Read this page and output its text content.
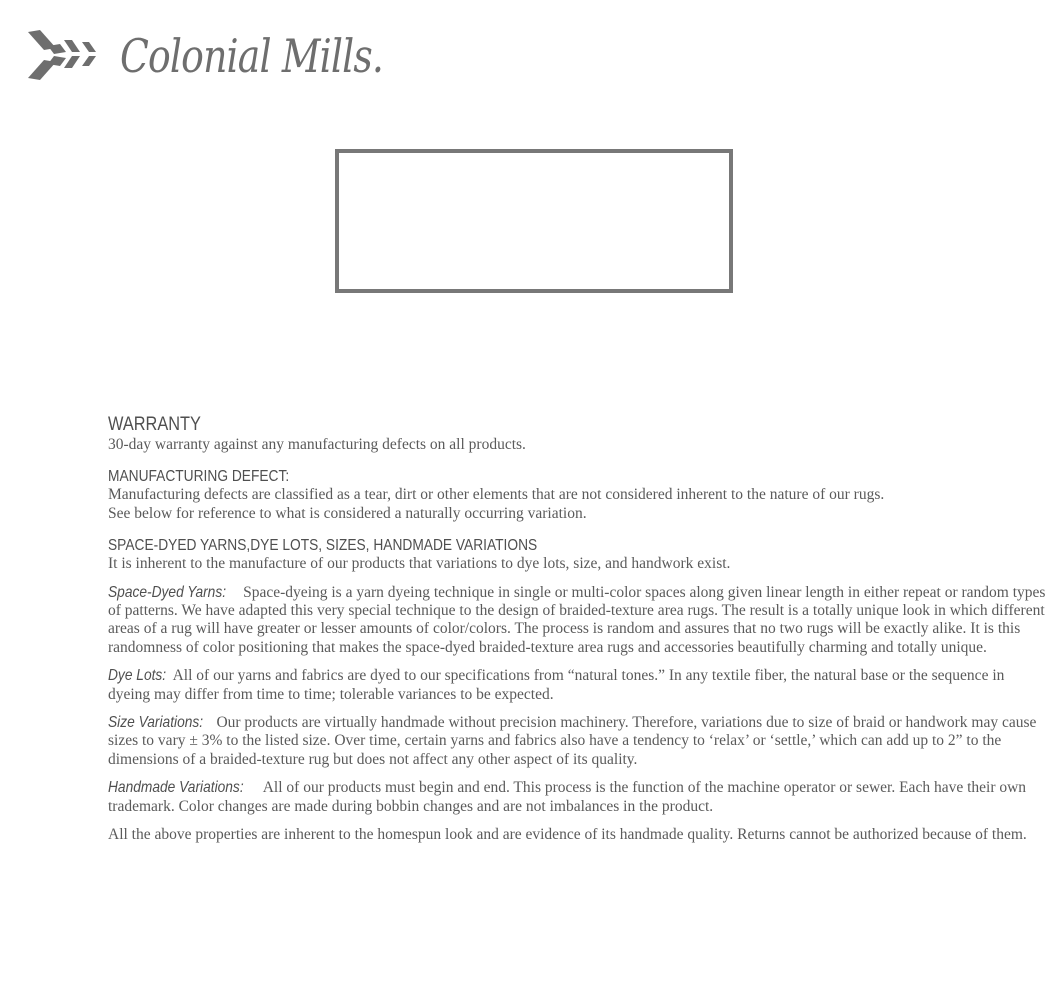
Colonial Mills.
WARRANTY

30-day warranty against any manufacturing defects on all products.

MANUFACTURING DEFECT:

Manufacturing defects are classified as a tear, dirt or other elements that are not considered inherent to the nature of our rugs.

See below for reference to what is considered a naturally occurring variation.

SPACE-DYED YARNS,DYE LOTS, SIZES, HANDMADE VARIATIONS

It is inherent to the manufacture of our products that variations to dye lots, size, and handwork exist.

Space-Dyed Yarns: Space-dyeing is a yarn dyeing technique in single or multi-color spaces along given linear length in either repeat or random types of patterns. We have adapted this very special technique to the design of braided-texture area rugs. The result is a totally unique look in which different areas of a rug will have greater or lesser amounts of color/colors. The process is random and assures that no two rugs will be exactly alike. It is this randomness of color positioning that makes the space-dyed braided-texture area rugs and accessories beautifully charming and totally unique.

Dye Lots: All of our yarns and fabrics are dyed to our specifications from “natural tones.” In any textile fiber, the natural base or the sequence in dyeing may differ from time to time; tolerable variances to be expected.

Size Variations: Our products are virtually handmade without precision machinery. Therefore, variations due to size of braid or handwork may cause sizes to vary ± 3% to the listed size. Over time, certain yarns and fabrics also have a tendency to ‘relax’ or ‘settle,’ which can add up to 2” to the dimensions of a braided-texture rug but does not affect any other aspect of its quality.

Handmade Variations: All of our products must begin and end. This process is the function of the machine operator or sewer. Each have their own trademark. Color changes are made during bobbin changes and are not imbalances in the product.

All the above properties are inherent to the homespun look and are evidence of its handmade quality. Returns cannot be authorized because of them.
